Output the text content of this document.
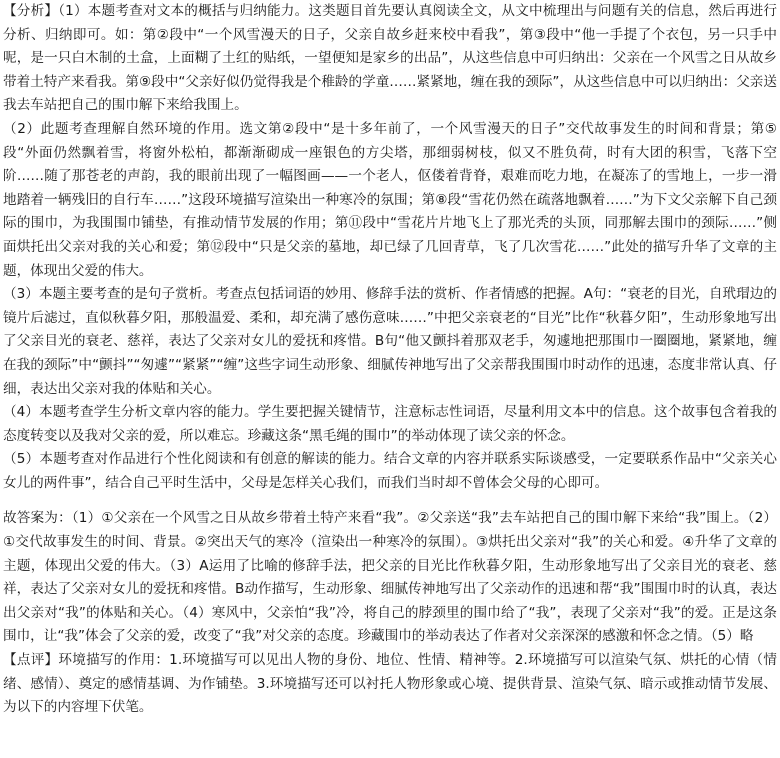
【分析】（1）本题考查对文本的概括与归纳能力。这类题目首先要认真阅读全文，从文中梳理出与问题有关的信息，然后再进行分析、归纳即可。如：第②段中“一个风雪漫天的日子，父亲自故乡赶来校中看我”，第③段中“他一手提了个衣包，另一只手中呢，是一只白木制的土盒，上面糊了土红的贴纸，一望便知是家乡的出品”，从这些信息中可归纳出：父亲在一个风雪之日从故乡带着土特产来看我。第⑨段中“父亲好似仍觉得我是个稚龄的学童……紧紧地，缠在我的颈际”，从这些信息中可以归纳出：父亲送我去车站把自己的围巾解下来给我围上。

（2）此题考查理解自然环境的作用。选文第②段中“是十多年前了，一个风雪漫天的日子”交代故事发生的时间和背景；第⑤段“外面仍然飘着雪，将窗外松柏，都渐渐砌成一座银色的方尖塔，那细弱树枝，似又不胜负荷，时有大团的积雪，飞落下空阶……随了那苍老的声韵，我的眼前出现了一幅图画——一个老人，伛偻着背脊，艰难而吃力地，在凝冻了的雪地上，一步一滑地踏着一辆残旧的自行车……”这段环境描写渲染出一种寒冷的氛围；第⑧段“雪花仍然在疏落地飘着……”为下文父亲解下自己颈际的围巾，为我围围巾铺垫，有推动情节发展的作用；第⑪段中“雪花片片地飞上了那光秃的头顶，同那解去围巾的颈际……”侧面烘托出父亲对我的关心和爱；第⑫段中“只是父亲的墓地，却已绿了几回青草，飞了几次雪花……”此处的描写升华了文章的主题，体现出父爱的伟大。

（3）本题主要考查的是句子赏析。考查点包括词语的妙用、修辞手法的赏析、作者情感的把握。A句：“衰老的目光，自玳瑁边的镜片后滤过，直似秋暮夕阳，那般温爱、柔和，却充满了感伤意味……”中把父亲衰老的“目光”比作“秋暮夕阳”，生动形象地写出了父亲目光的衰老、慈祥，表达了父亲对女儿的爱抚和疼惜。B句“他又颤抖着那双老手，匆遽地把那围巾一圈圈地，紧紧地，缠在我的颈际”中“颤抖”“匆遽”“紧紧”“缠”这些字词生动形象、细腻传神地写出了父亲帮我围围巾时动作的迅速，态度非常认真、仔细，表达出父亲对我的体贴和关心。

（4）本题考查学生分析文章内容的能力。学生要把握关键情节，注意标志性词语，尽量利用文本中的信息。这个故事包含着我的态度转变以及我对父亲的爱，所以难忘。珍藏这条“黑毛绳的围巾”的举动体现了读父亲的怀念。

（5）本题考查对作品进行个性化阅读和有创意的解读的能力。结合文章的内容并联系实际谈感受，一定要联系作品中“父亲关心女儿的两件事”，结合自己平时生活中，父母是怎样关心我们，而我们当时却不曾体会父母的心即可。

故答案为：（1）①父亲在一个风雪之日从故乡带着土特产来看“我”。②父亲送“我”去车站把自己的围巾解下来给“我”围上。（2）①交代故事发生的时间、背景。②突出天气的寒冷（渲染出一种寒冷的氛围）。③烘托出父亲对“我”的关心和爱。④升华了文章的主题，体现出父爱的伟大。（3）A运用了比喻的修辞手法，把父亲的目光比作秋暮夕阳，生动形象地写出了父亲目光的衰老、慈祥，表达了父亲对女儿的爱抚和疼惜。B动作描写，生动形象、细腻传神地写出了父亲动作的迅速和帮“我”围围巾时的认真，表达出父亲对“我”的体贴和关心。（4）寒风中，父亲怕“我”冷，将自己的脖颈里的围巾给了“我”，表现了父亲对“我”的爱。正是这条围巾，让“我”体会了父亲的爱，改变了“我”对父亲的态度。珍藏围巾的举动表达了作者对父亲深深的感激和怀念之情。（5）略

【点评】环境描写的作用：1.环境描写可以见出人物的身份、地位、性情、精神等。2.环境描写可以渲染气氛、烘托的心情（情绪、感情）、奠定的感情基调、为作铺垫。3.环境描写还可以衬托人物形象或心境、提供背景、渲染气氛、暗示或推动情节发展、为以下的内容埋下伏笔。
